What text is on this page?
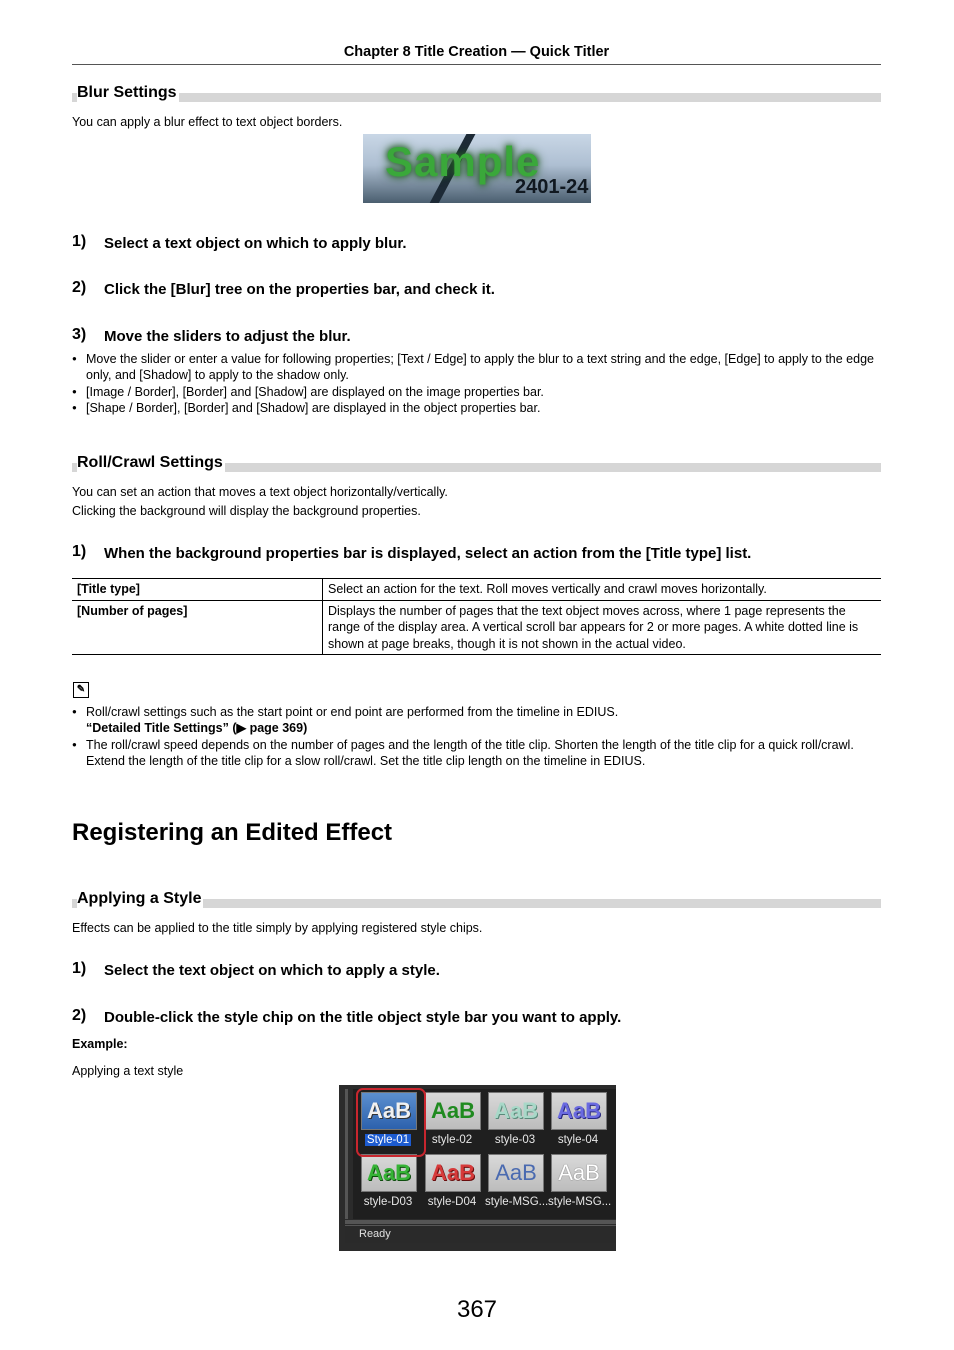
Chapter 8 Title Creation — Quick Titler
Blur Settings
You can apply a blur effect to text object borders.
Sample
2401-24
1) Select a text object on which to apply blur.
2) Click the [Blur] tree on the properties bar, and check it.
3) Move the sliders to adjust the blur.
● Move the slider or enter a value for following properties; [Text / Edge] to apply the blur to a text string and the edge, [Edge] to apply to the edge only, and [Shadow] to apply to the shadow only.
● [Image / Border], [Border] and [Shadow] are displayed on the image properties bar.
● [Shape / Border], [Border] and [Shadow] are displayed in the object properties bar.
Roll/Crawl Settings
You can set an action that moves a text object horizontally/vertically.
Clicking the background will display the background properties.
1) When the background properties bar is displayed, select an action from the [Title type] list.
[Title type]	Select an action for the text. Roll moves vertically and crawl moves horizontally.
[Number of pages]	Displays the number of pages that the text object moves across, where 1 page represents the range of the display area. A vertical scroll bar appears for 2 or more pages. A white dotted line is shown at page breaks, though it is not shown in the actual video.
✎
● Roll/crawl settings such as the start point or end point are performed from the timeline in EDIUS.
“Detailed Title Settings” (▶ page 369)
● The roll/crawl speed depends on the number of pages and the length of the title clip. Shorten the length of the title clip for a quick roll/crawl. Extend the length of the title clip for a slow roll/crawl. Set the title clip length on the timeline in EDIUS.
Registering an Edited Effect
Applying a Style
Effects can be applied to the title simply by applying registered style chips.
1) Select the text object on which to apply a style.
2) Double-click the style chip on the title object style bar you want to apply.
Example:
Applying a text style
AaB
Style-01
AaB
style-02
AaB
style-03
AaB
style-04
AaB
style-D03
AaB
style-D04
AaB
style-MSG...
AaB
style-MSG...
Ready
367
